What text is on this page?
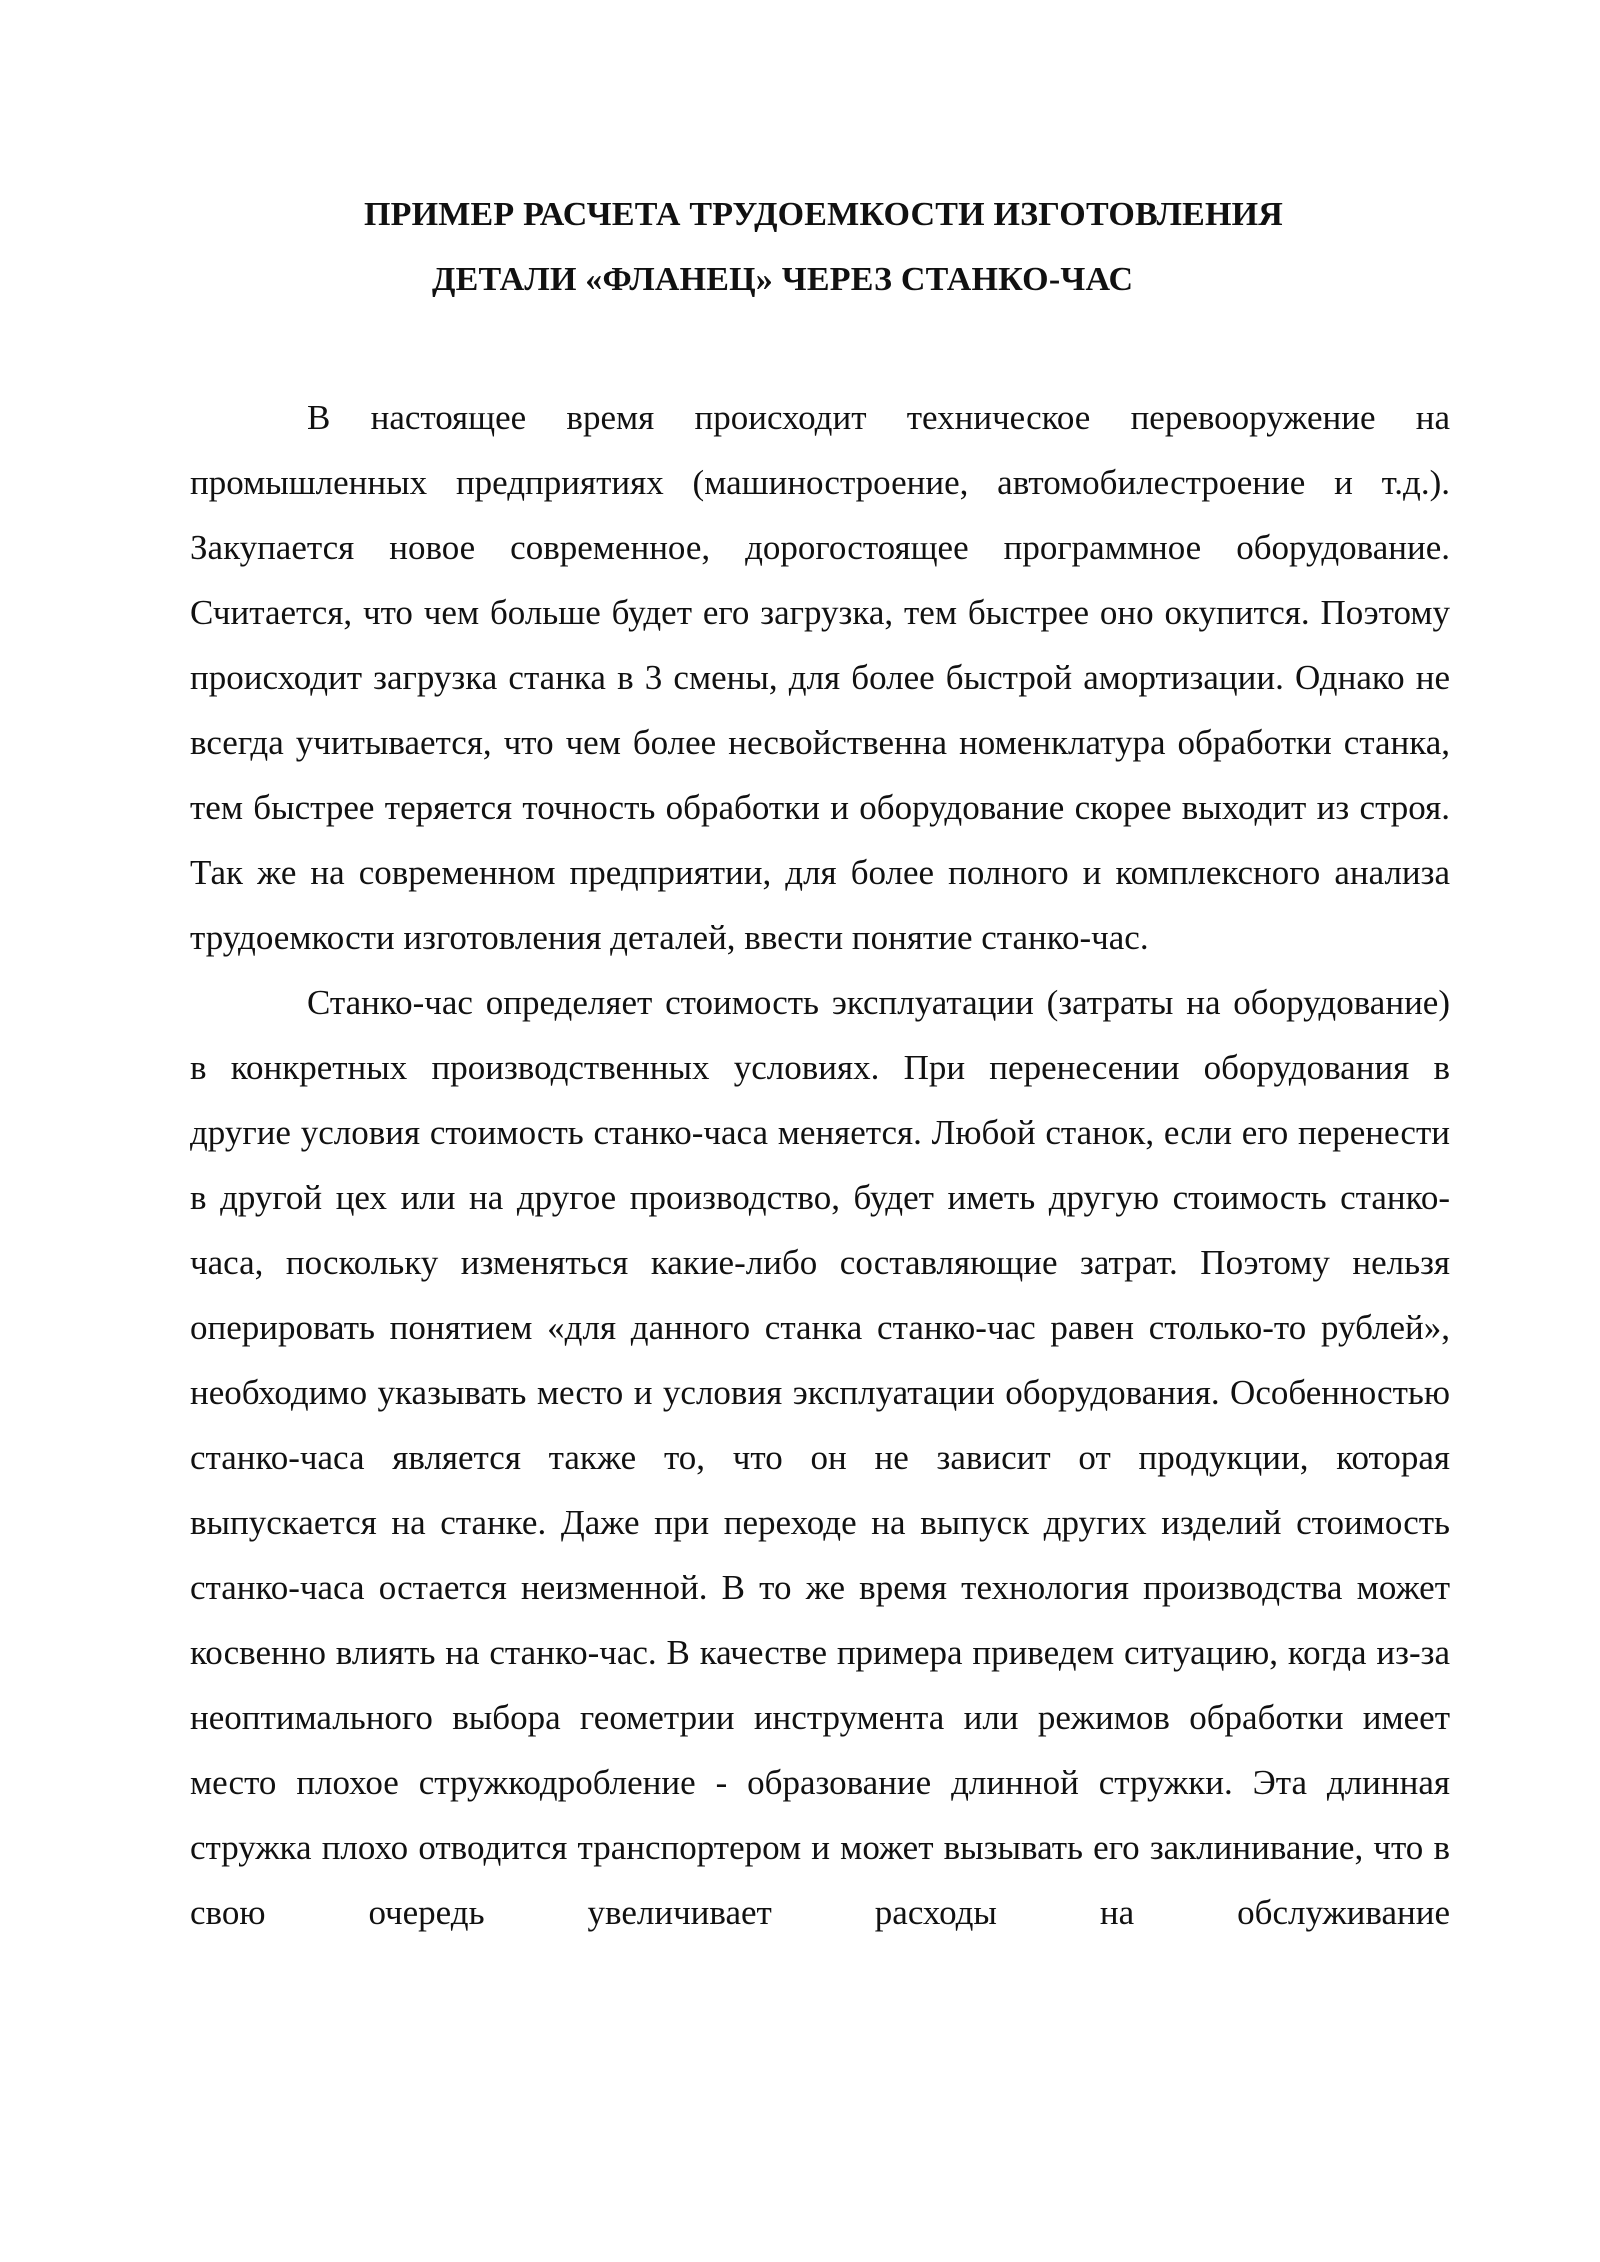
ПРИМЕР РАСЧЕТА ТРУДОЕМКОСТИ ИЗГОТОВЛЕНИЯ
ДЕТАЛИ «ФЛАНЕЦ» ЧЕРЕЗ СТАНКО-ЧАС

В настоящее время происходит техническое перевооружение на промышленных предприятиях (машиностроение, автомобилестроение и т.д.). Закупается новое современное, дорогостоящее программное оборудование. Считается, что чем больше будет его загрузка, тем быстрее оно окупится. Поэтому происходит загрузка станка в 3 смены, для более быстрой амортизации. Однако не всегда учитывается, что чем более несвойственна номенклатура обработки станка, тем быстрее теряется точность обработки и оборудование скорее выходит из строя. Так же на современном предприятии, для более полного и комплексного анализа трудоемкости изготовления деталей, ввести понятие станко-час.

Станко-час определяет стоимость эксплуатации (затраты на оборудование) в конкретных производственных условиях. При перенесении оборудования в другие условия стоимость станко-часа меняется. Любой станок, если его перенести в другой цех или на другое производство, будет иметь другую стоимость станко-часа, поскольку изменяться какие-либо составляющие затрат. Поэтому нельзя оперировать понятием «для данного станка станко-час равен столько-то рублей», необходимо указывать место и условия эксплуатации оборудования. Особенностью станко-часа является также то, что он не зависит от продукции, которая выпускается на станке. Даже при переходе на выпуск других изделий стоимость станко-часа остается неизменной. В то же время технология производства может косвенно влиять на станко-час. В качестве примера приведем ситуацию, когда из-за неоптимального выбора геометрии инструмента или режимов обработки имеет место плохое стружкодробление - образование длинной стружки. Эта длинная стружка плохо отводится транспортером и может вызывать его заклинивание, что в свою очередь увеличивает расходы на обслуживание
